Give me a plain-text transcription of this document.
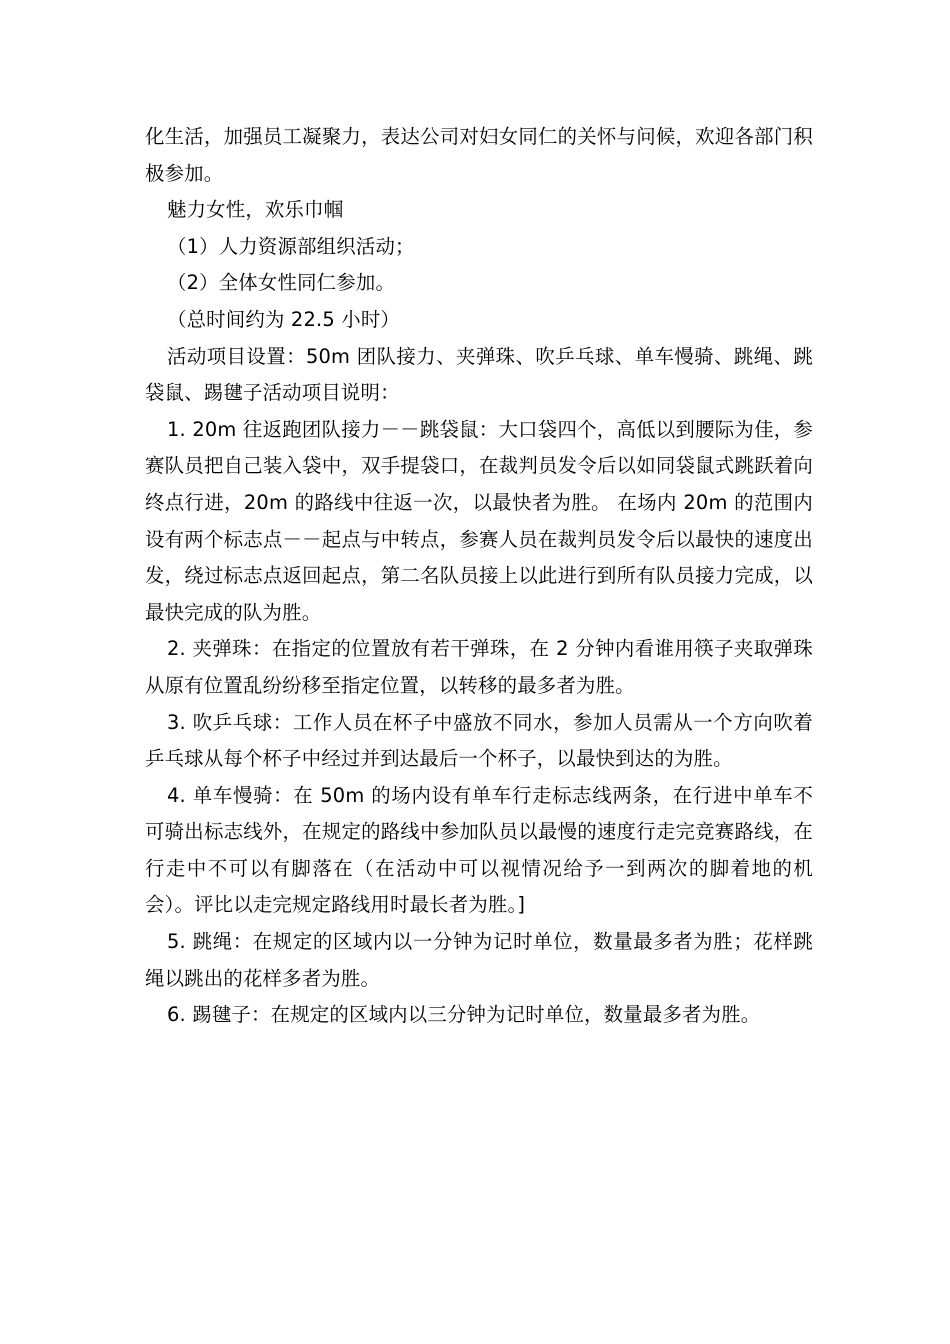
化生活，加强员工凝聚力，表达公司对妇女同仁的关怀与问候，欢迎各部门积极参加。

魅力女性，欢乐巾帼

（1）人力资源部组织活动；

（2）全体女性同仁参加。

（总时间约为 22.5 小时）

活动项目设置：50m 团队接力、夹弹珠、吹乒乓球、单车慢骑、跳绳、跳袋鼠、踢毽子活动项目说明：

1. 20m 往返跑团队接力－－跳袋鼠：大口袋四个，高低以到腰际为佳，参赛队员把自己装入袋中，双手提袋口，在裁判员发令后以如同袋鼠式跳跃着向终点行进，20m 的路线中往返一次，以最快者为胜。 在场内 20m 的范围内设有两个标志点－－起点与中转点，参赛人员在裁判员发令后以最快的速度出发，绕过标志点返回起点，第二名队员接上以此进行到所有队员接力完成，以最快完成的队为胜。

2. 夹弹珠：在指定的位置放有若干弹珠，在 2 分钟内看谁用筷子夹取弹珠从原有位置乱纷纷移至指定位置，以转移的最多者为胜。

3. 吹乒乓球：工作人员在杯子中盛放不同水，参加人员需从一个方向吹着乒乓球从每个杯子中经过并到达最后一个杯子，以最快到达的为胜。

4. 单车慢骑：在 50m 的场内设有单车行走标志线两条，在行进中单车不可骑出标志线外，在规定的路线中参加队员以最慢的速度行走完竞赛路线，在行走中不可以有脚落在（在活动中可以视情况给予一到两次的脚着地的机会）。评比以走完规定路线用时最长者为胜。]

5. 跳绳：在规定的区域内以一分钟为记时单位，数量最多者为胜；花样跳绳以跳出的花样多者为胜。

6. 踢毽子：在规定的区域内以三分钟为记时单位，数量最多者为胜。
